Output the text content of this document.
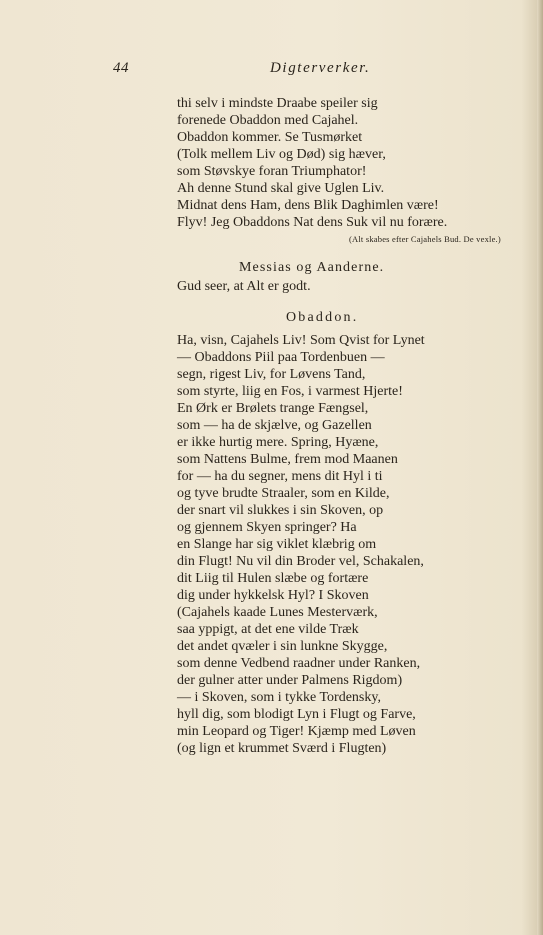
44	Digterverker.
thi selv i mindste Draabe speiler sig
forenede Obaddon med Cajahel.
Obaddon kommer. Se Tusmørket
(Tolk mellem Liv og Død) sig hæver,
som Støvskye foran Triumphator!
Ah denne Stund skal give Uglen Liv.
Midnat dens Ham, dens Blik Daghimlen være!
Flyv! Jeg Obaddons Nat dens Suk vil nu forære.
(Alt skabes efter Cajahels Bud. De vexle.)
Messias og Aanderne.
Gud seer, at Alt er godt.
Obaddon.
Ha, visn, Cajahels Liv! Som Qvist for Lynet
— Obaddons Piil paa Tordenbuen —
segn, rigest Liv, for Løvens Tand,
som styrte, liig en Fos, i varmest Hjerte!
En Ørk er Brølets trange Fængsel,
som — ha de skjælve, og Gazellen
er ikke hurtig mere. Spring, Hyæne,
som Nattens Bulme, frem mod Maanen
for — ha du segner, mens dit Hyl i ti
og tyve brudte Straaler, som en Kilde,
der snart vil slukkes i sin Skoven, op
og gjennem Skyen springer? Ha
en Slange har sig viklet klæbrig om
din Flugt! Nu vil din Broder vel, Schakalen,
dit Liig til Hulen slæbe og fortære
dig under hykkelsk Hyl? I Skoven
(Cajahels kaade Lunes Mesterværk,
saa yppigt, at det ene vilde Træk
det andet qvæler i sin lunkne Skygge,
som denne Vedbend raadner under Ranken,
der gulner atter under Palmens Rigdom)
— i Skoven, som i tykke Tordensky,
hyll dig, som blodigt Lyn i Flugt og Farve,
min Leopard og Tiger! Kjæmp med Løven
(og lign et krummet Sværd i Flugten)
